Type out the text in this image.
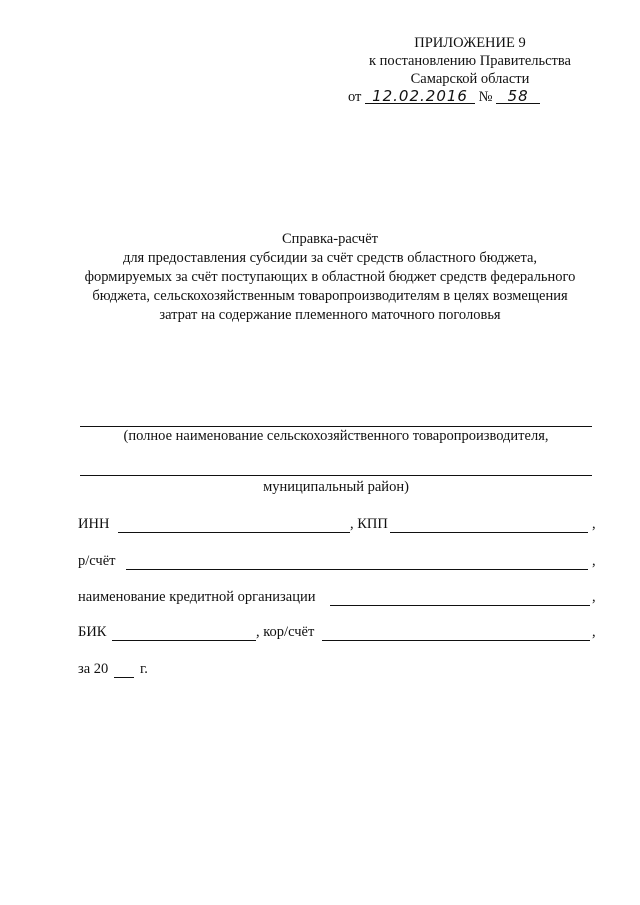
ПРИЛОЖЕНИЕ 9
к постановлению Правительства
Самарской области
от 12.02.2016 № 58
Справка-расчёт
для предоставления субсидии за счёт средств областного бюджета,
формируемых за счёт поступающих в областной бюджет средств федерального
бюджета, сельскохозяйственным товаропроизводителям в целях возмещения
затрат на содержание племенного маточного поголовья
(полное наименование сельскохозяйственного товаропроизводителя,
муниципальный район)
ИНН	, КПП	,
р/счёт	,
наименование кредитной организации	,
БИК	, кор/счёт	,
за 20 г.
